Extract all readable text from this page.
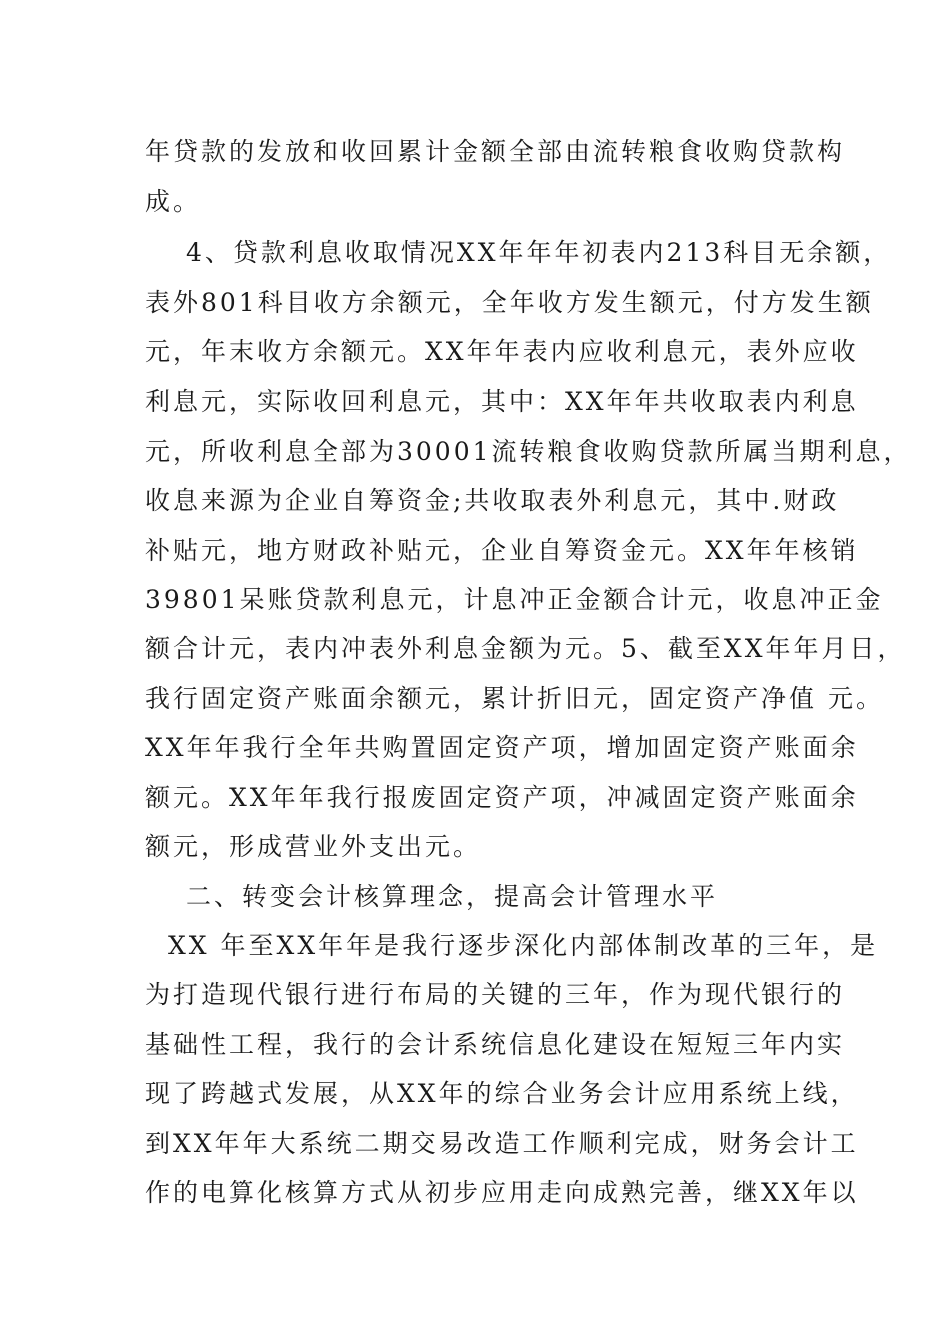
年贷款的发放和收回累计金额全部由流转粮食收购贷款构
成。
4、贷款利息收取情况XX年年年初表内213科目无余额，
表外801科目收方余额元，全年收方发生额元，付方发生额
元，年末收方余额元。XX年年表内应收利息元，表外应收
利息元，实际收回利息元，其中：XX年年共收取表内利息
元，所收利息全部为30001流转粮食收购贷款所属当期利息，
收息来源为企业自筹资金;共收取表外利息元，其中.财政
补贴元，地方财政补贴元，企业自筹资金元。XX年年核销
39801呆账贷款利息元，计息冲正金额合计元，收息冲正金
额合计元，表内冲表外利息金额为元。5、截至XX年年月日，
我行固定资产账面余额元，累计折旧元，固定资产净值 元。
XX年年我行全年共购置固定资产项，增加固定资产账面余
额元。XX年年我行报废固定资产项，冲减固定资产账面余
额元，形成营业外支出元。
二、转变会计核算理念，提高会计管理水平
XX 年至XX年年是我行逐步深化内部体制改革的三年，是
为打造现代银行进行布局的关键的三年，作为现代银行的
基础性工程，我行的会计系统信息化建设在短短三年内实
现了跨越式发展，从XX年的综合业务会计应用系统上线，
到XX年年大系统二期交易改造工作顺利完成，财务会计工
作的电算化核算方式从初步应用走向成熟完善，继XX年以
